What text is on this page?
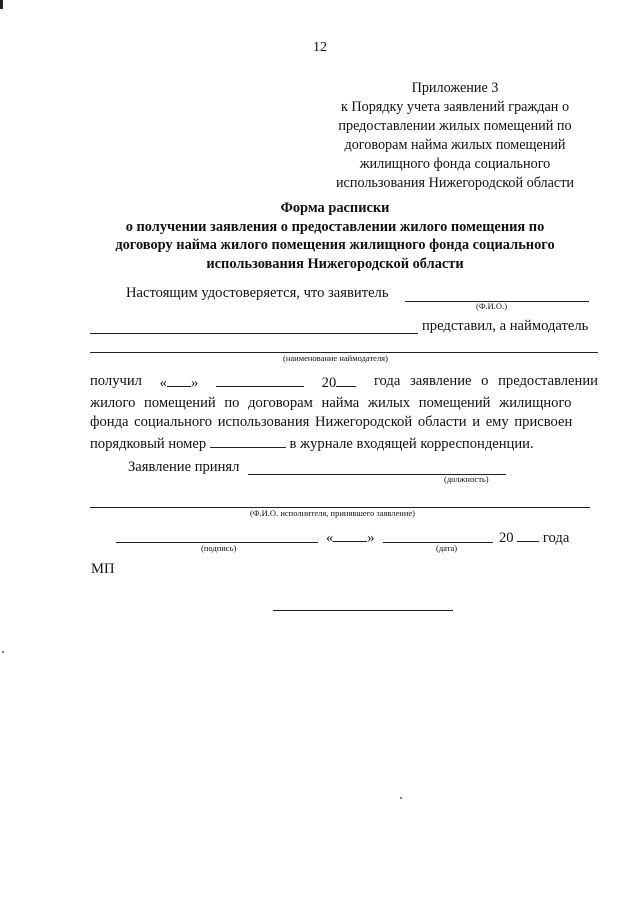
12
Приложение 3
к Порядку учета заявлений граждан о
предоставлении жилых помещений по
договорам найма жилых помещений
жилищного фонда социального
использования Нижегородской области
Форма расписки
о получении заявления о предоставлении жилого помещения по
договору найма жилого помещения жилищного фонда социального
использования Нижегородской области
Настоящим удостоверяется, что заявитель
(Ф.И.О.)
представил, а наймодатель
(наименование наймодателя)
получил « »	20	года заявление о предоставлении
жилого помещений по договорам найма жилых помещений жилищного
фонда социального использования Нижегородской области и ему присвоен
порядковый номер	в журнале входящей корреспонденции.
Заявление принял
(должность)
(Ф.И.О. исполнителя, принявшего заявление)
(подпись)
« »
(дата)
20 года
МП
